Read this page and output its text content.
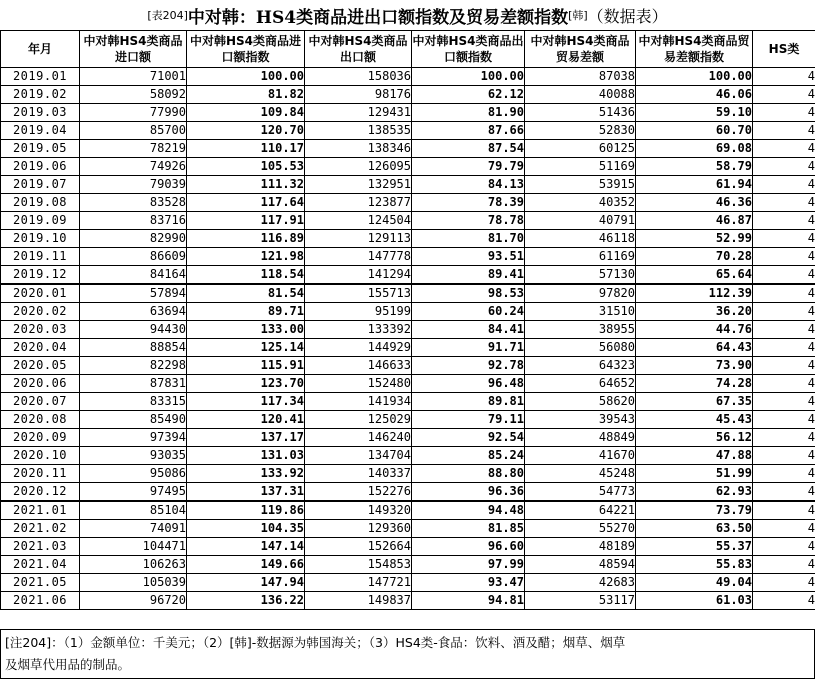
[表204] 中对韩：HS4类商品进出口额指数及贸易差额指数 [韩] （数据表）
年月	中对韩HS4类商品进口额	中对韩HS4类商品进口额指数	中对韩HS4类商品出口额	中对韩HS4类商品出口额指数	中对韩HS4类商品贸易差额	中对韩HS4类商品贸易差额指数	HS类
2019.01	71001	100.00	158036	100.00	87038	100.00	4
2019.02	58092	81.82	98176	62.12	40088	46.06	4
2019.03	77990	109.84	129431	81.90	51436	59.10	4
2019.04	85700	120.70	138535	87.66	52830	60.70	4
2019.05	78219	110.17	138346	87.54	60125	69.08	4
2019.06	74926	105.53	126095	79.79	51169	58.79	4
2019.07	79039	111.32	132951	84.13	53915	61.94	4
2019.08	83528	117.64	123877	78.39	40352	46.36	4
2019.09	83716	117.91	124504	78.78	40791	46.87	4
2019.10	82990	116.89	129113	81.70	46118	52.99	4
2019.11	86609	121.98	147778	93.51	61169	70.28	4
2019.12	84164	118.54	141294	89.41	57130	65.64	4
2020.01	57894	81.54	155713	98.53	97820	112.39	4
2020.02	63694	89.71	95199	60.24	31510	36.20	4
2020.03	94430	133.00	133392	84.41	38955	44.76	4
2020.04	88854	125.14	144929	91.71	56080	64.43	4
2020.05	82298	115.91	146633	92.78	64323	73.90	4
2020.06	87831	123.70	152480	96.48	64652	74.28	4
2020.07	83315	117.34	141934	89.81	58620	67.35	4
2020.08	85490	120.41	125029	79.11	39543	45.43	4
2020.09	97394	137.17	146240	92.54	48849	56.12	4
2020.10	93035	131.03	134704	85.24	41670	47.88	4
2020.11	95086	133.92	140337	88.80	45248	51.99	4
2020.12	97495	137.31	152276	96.36	54773	62.93	4
2021.01	85104	119.86	149320	94.48	64221	73.79	4
2021.02	74091	104.35	129360	81.85	55270	63.50	4
2021.03	104471	147.14	152664	96.60	48189	55.37	4
2021.04	106263	149.66	154853	97.99	48594	55.83	4
2021.05	105039	147.94	147721	93.47	42683	49.04	4
2021.06	96720	136.22	149837	94.81	53117	61.03	4
[注204]：（1）金额单位：千美元；（2）[韩]-数据源为韩国海关；（3）HS4类-食品：饮料、酒及醋；烟草、烟草
及烟草代用品的制品。
